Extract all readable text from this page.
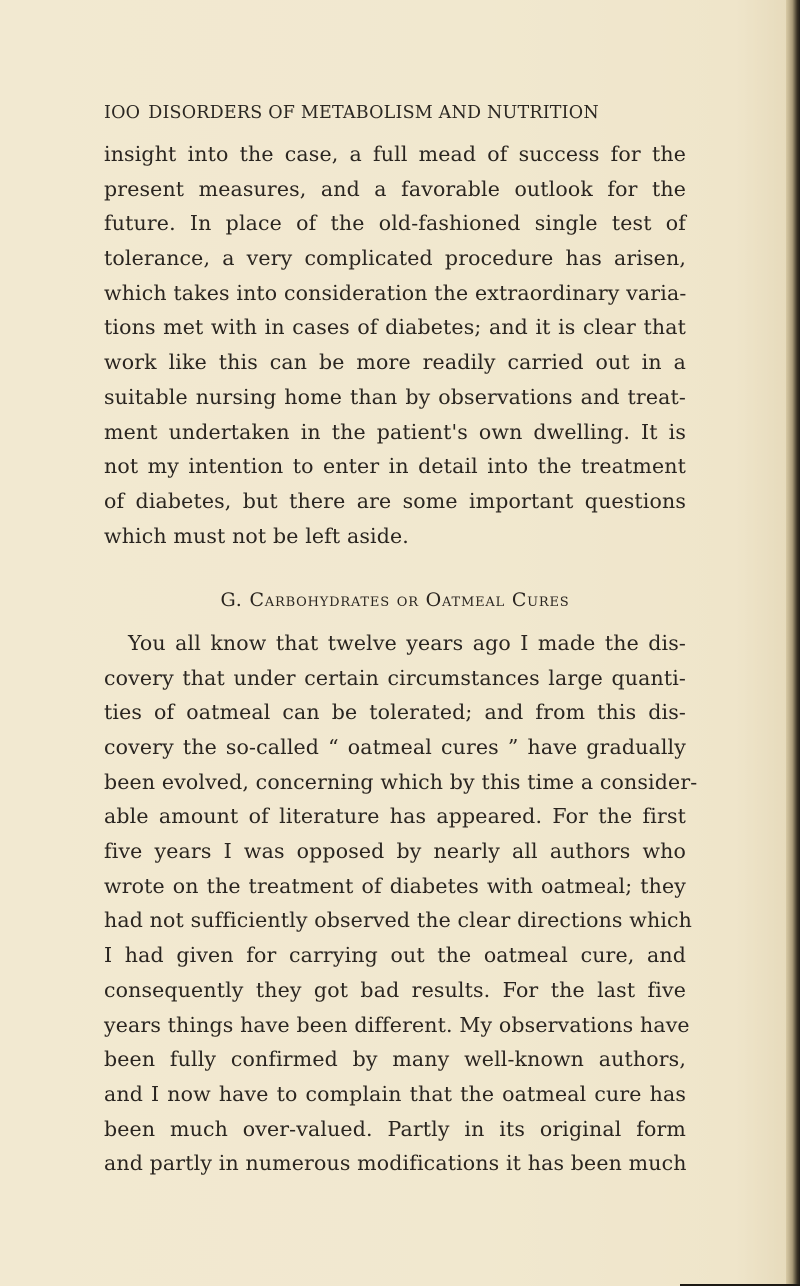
IOO DISORDERS OF METABOLISM AND NUTRITION
insight into the case, a full mead of success for the
present measures, and a favorable outlook for the
future. In place of the old-fashioned single test of
tolerance, a very complicated procedure has arisen,
which takes into consideration the extraordinary varia-
tions met with in cases of diabetes; and it is clear that
work like this can be more readily carried out in a
suitable nursing home than by observations and treat-
ment undertaken in the patient's own dwelling. It is
not my intention to enter in detail into the treatment
of diabetes, but there are some important questions
which must not be left aside.
G. Carbohydrates or Oatmeal Cures
You all know that twelve years ago I made the dis-
covery that under certain circumstances large quanti-
ties of oatmeal can be tolerated; and from this dis-
covery the so-called “ oatmeal cures ” have gradually
been evolved, concerning which by this time a consider-
able amount of literature has appeared. For the first
five years I was opposed by nearly all authors who
wrote on the treatment of diabetes with oatmeal; they
had not sufficiently observed the clear directions which
I had given for carrying out the oatmeal cure, and
consequently they got bad results. For the last five
years things have been different. My observations have
been fully confirmed by many well-known authors,
and I now have to complain that the oatmeal cure has
been much over-valued. Partly in its original form
and partly in numerous modifications it has been much
